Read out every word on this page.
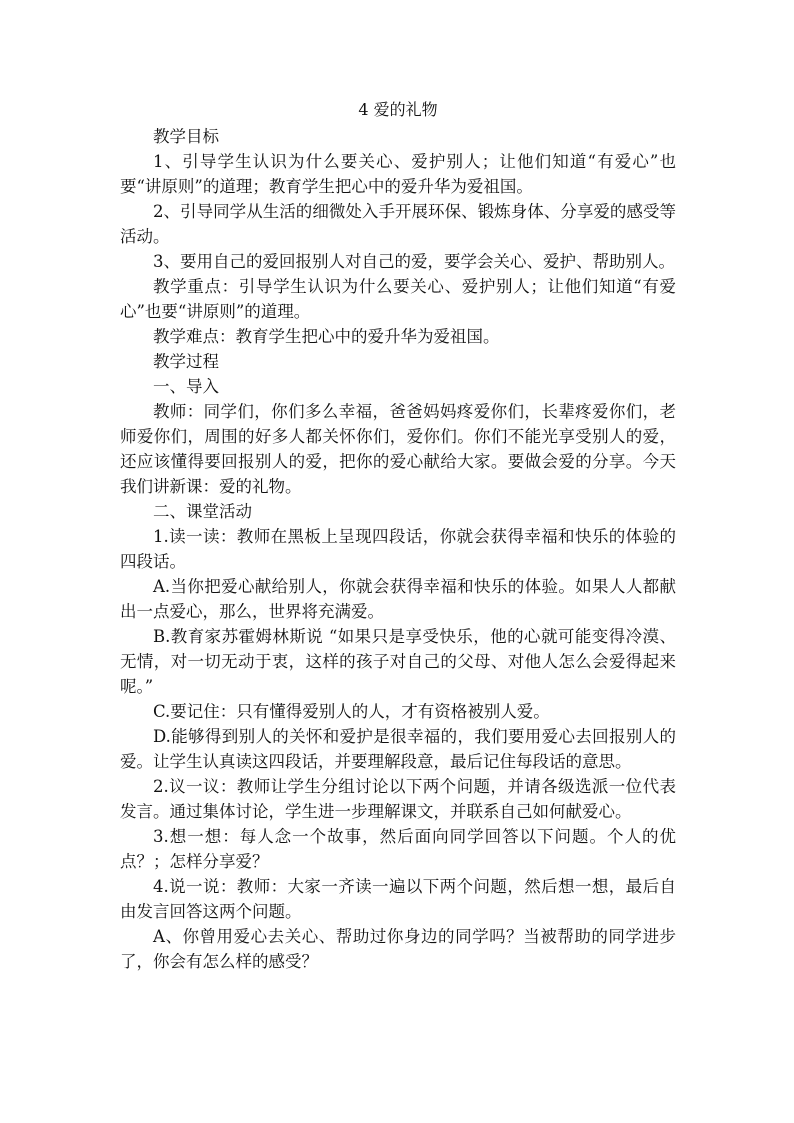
4 爱的礼物

教学目标

1、引导学生认识为什么要关心、爱护别人；让他们知道“有爱心”也要“讲原则”的道理；教育学生把心中的爱升华为爱祖国。

2、引导同学从生活的细微处入手开展环保、锻炼身体、分享爱的感受等活动。

3、要用自己的爱回报别人对自己的爱，要学会关心、爱护、帮助别人。

教学重点：引导学生认识为什么要关心、爱护别人；让他们知道“有爱心”也要“讲原则”的道理。

教学难点：教育学生把心中的爱升华为爱祖国。

教学过程

一、导入

教师：同学们，你们多么幸福，爸爸妈妈疼爱你们，长辈疼爱你们，老师爱你们，周围的好多人都关怀你们，爱你们。你们不能光享受别人的爱，还应该懂得要回报别人的爱，把你的爱心献给大家。要做会爱的分享。今天我们讲新课：爱的礼物。

二、课堂活动

1.读一读：教师在黑板上呈现四段话，你就会获得幸福和快乐的体验的四段话。

A.当你把爱心献给别人，你就会获得幸福和快乐的体验。如果人人都献出一点爱心，那么，世界将充满爱。

B.教育家苏霍姆林斯说 “如果只是享受快乐，他的心就可能变得冷漠、无情，对一切无动于衷，这样的孩子对自己的父母、对他人怎么会爱得起来呢。”

C.要记住：只有懂得爱别人的人，才有资格被别人爱。

D.能够得到别人的关怀和爱护是很幸福的，我们要用爱心去回报别人的爱。让学生认真读这四段话，并要理解段意，最后记住每段话的意思。

2.议一议：教师让学生分组讨论以下两个问题，并请各级选派一位代表发言。通过集体讨论，学生进一步理解课文，并联系自己如何献爱心。

3.想一想：每人念一个故事，然后面向同学回答以下问题。个人的优点？；怎样分享爱？

4.说一说：教师：大家一齐读一遍以下两个问题，然后想一想，最后自由发言回答这两个问题。

A、你曾用爱心去关心、帮助过你身边的同学吗？当被帮助的同学进步了，你会有怎么样的感受？
